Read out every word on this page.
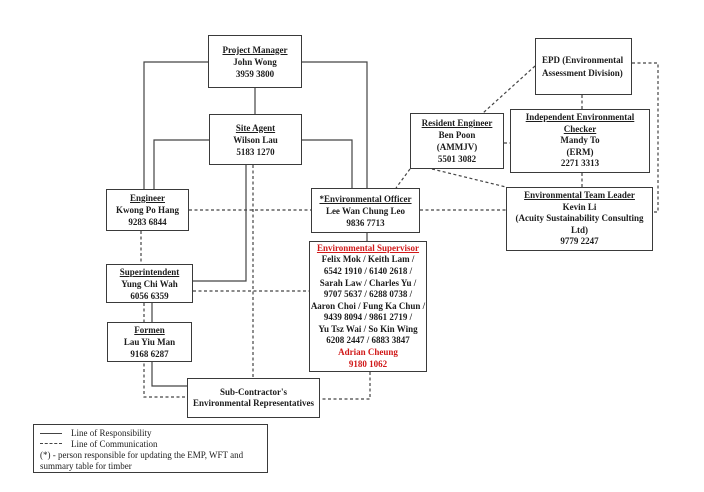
Project Manager
John Wong
3959 3800
Site Agent
Wilson Lau
5183 1270
Engineer
Kwong Po Hang
9283 6844
Superintendent
Yung Chi Wah
6056 6359
Formen
Lau Yiu Man
9168 6287
*Environmental Officer
Lee Wan Chung Leo
9836 7713
Environmental Supervisor
Felix Mok / Keith Lam /
6542 1910 / 6140 2618 /
Sarah Law / Charles Yu /
9707 5637 / 6288 0738 /
Aaron Choi / Fung Ka Chun /
9439 8094 / 9861 2719 /
Yu Tsz Wai / So Kin Wing
6208 2447 / 6883 3847
Adrian Cheung
9180 1062
Sub-Contractor's
Environmental Representatives
Resident Engineer
Ben Poon
(AMMJV)
5501 3082
EPD (Environmental
Assessment Division)
Independent Environmental
Checker
Mandy To
(ERM)
2271 3313
Environmental Team Leader
Kevin Li
(Acuity Sustainability Consulting
Ltd)
9779 2247
Line of Responsibility
Line of Communication
(*) - person responsible for updating the EMP, WFT and summary table for timber
